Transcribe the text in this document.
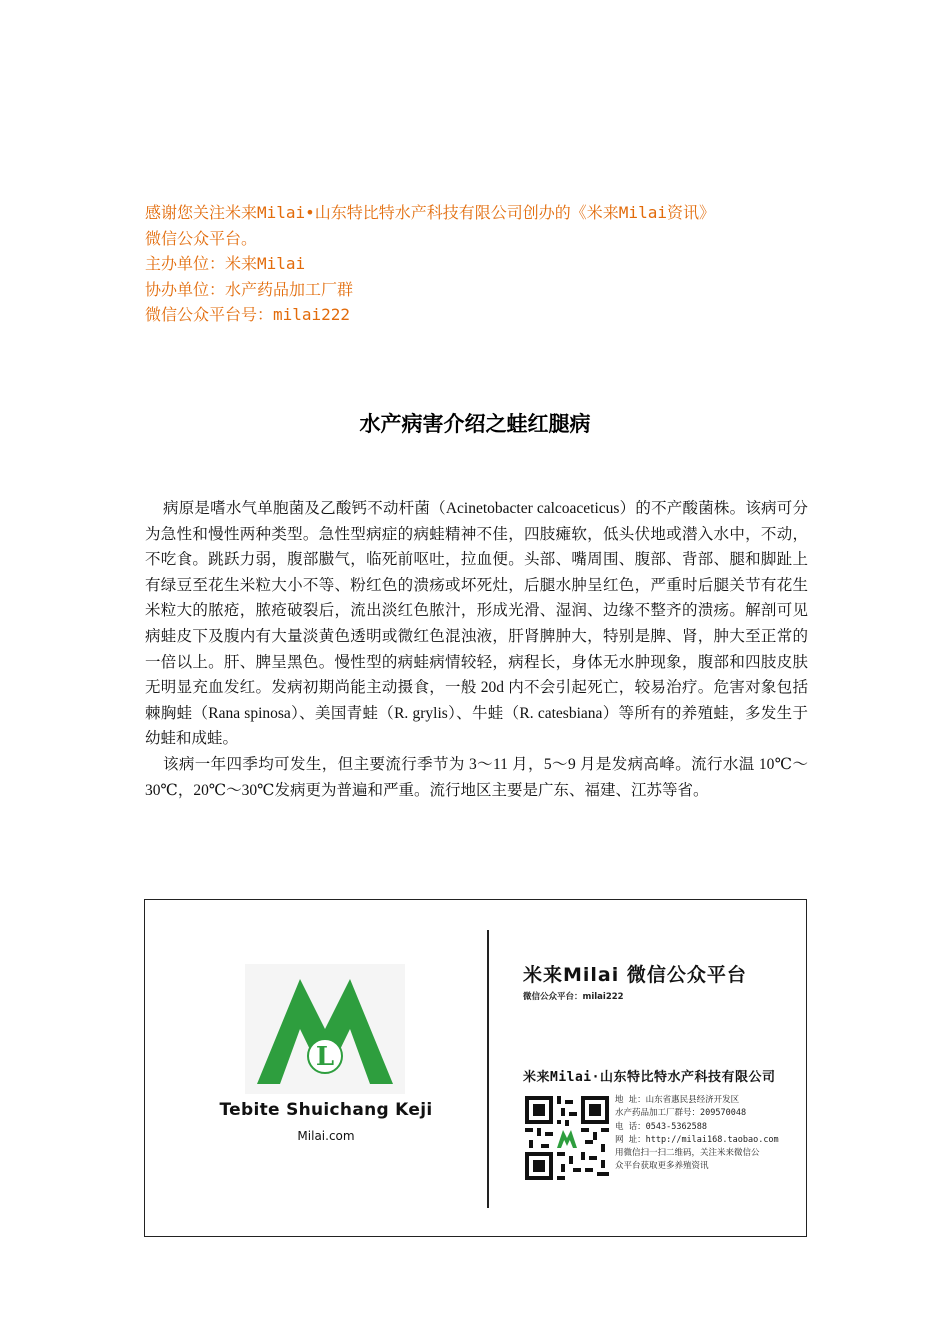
感谢您关注米来Milai•山东特比特水产科技有限公司创办的《米来Milai资讯》

微信公众平台。

主办单位：米来Milai

协办单位：水产药品加工厂群

微信公众平台号：milai222

水产病害介绍之蛙红腿病

病原是嗜水气单胞菌及乙酸钙不动杆菌（Acinetobacter calcoaceticus）的不产酸菌株。该病可分为急性和慢性两种类型。急性型病症的病蛙精神不佳，四肢瘫软，低头伏地或潜入水中，不动，不吃食。跳跃力弱，腹部臌气，临死前呕吐，拉血便。头部、嘴周围、腹部、背部、腿和脚趾上有绿豆至花生米粒大小不等、粉红色的溃疡或坏死灶，后腿水肿呈红色，严重时后腿关节有花生米粒大的脓疮，脓疮破裂后，流出淡红色脓汁，形成光滑、湿润、边缘不整齐的溃疡。解剖可见病蛙皮下及腹内有大量淡黄色透明或微红色混浊液，肝肾脾肿大，特别是脾、肾，肿大至正常的一倍以上。肝、脾呈黑色。慢性型的病蛙病情较轻，病程长，身体无水肿现象，腹部和四肢皮肤无明显充血发红。发病初期尚能主动摄食，一般 20d 内不会引起死亡，较易治疗。危害对象包括棘胸蛙（Rana spinosa）、美国青蛙（R. grylis）、牛蛙（R. catesbiana）等所有的养殖蛙，多发生于幼蛙和成蛙。

该病一年四季均可发生，但主要流行季节为 3～11 月，5～9 月是发病高峰。流行水温 10℃～30℃，20℃～30℃发病更为普遍和严重。流行地区主要是广东、福建、江苏等省。

L
Tebite Shuichang Keji
Milai.com
米来Milai 微信公众平台
微信公众平台：milai222
米来Milai·山东特比特水产科技有限公司
地 址：山东省惠民县经济开发区
水产药品加工厂群号：209570048
电 话：0543-5362588
网 址：http://milai168.taobao.com
用微信扫一扫二维码，关注米来微信公
众平台获取更多养殖资讯
